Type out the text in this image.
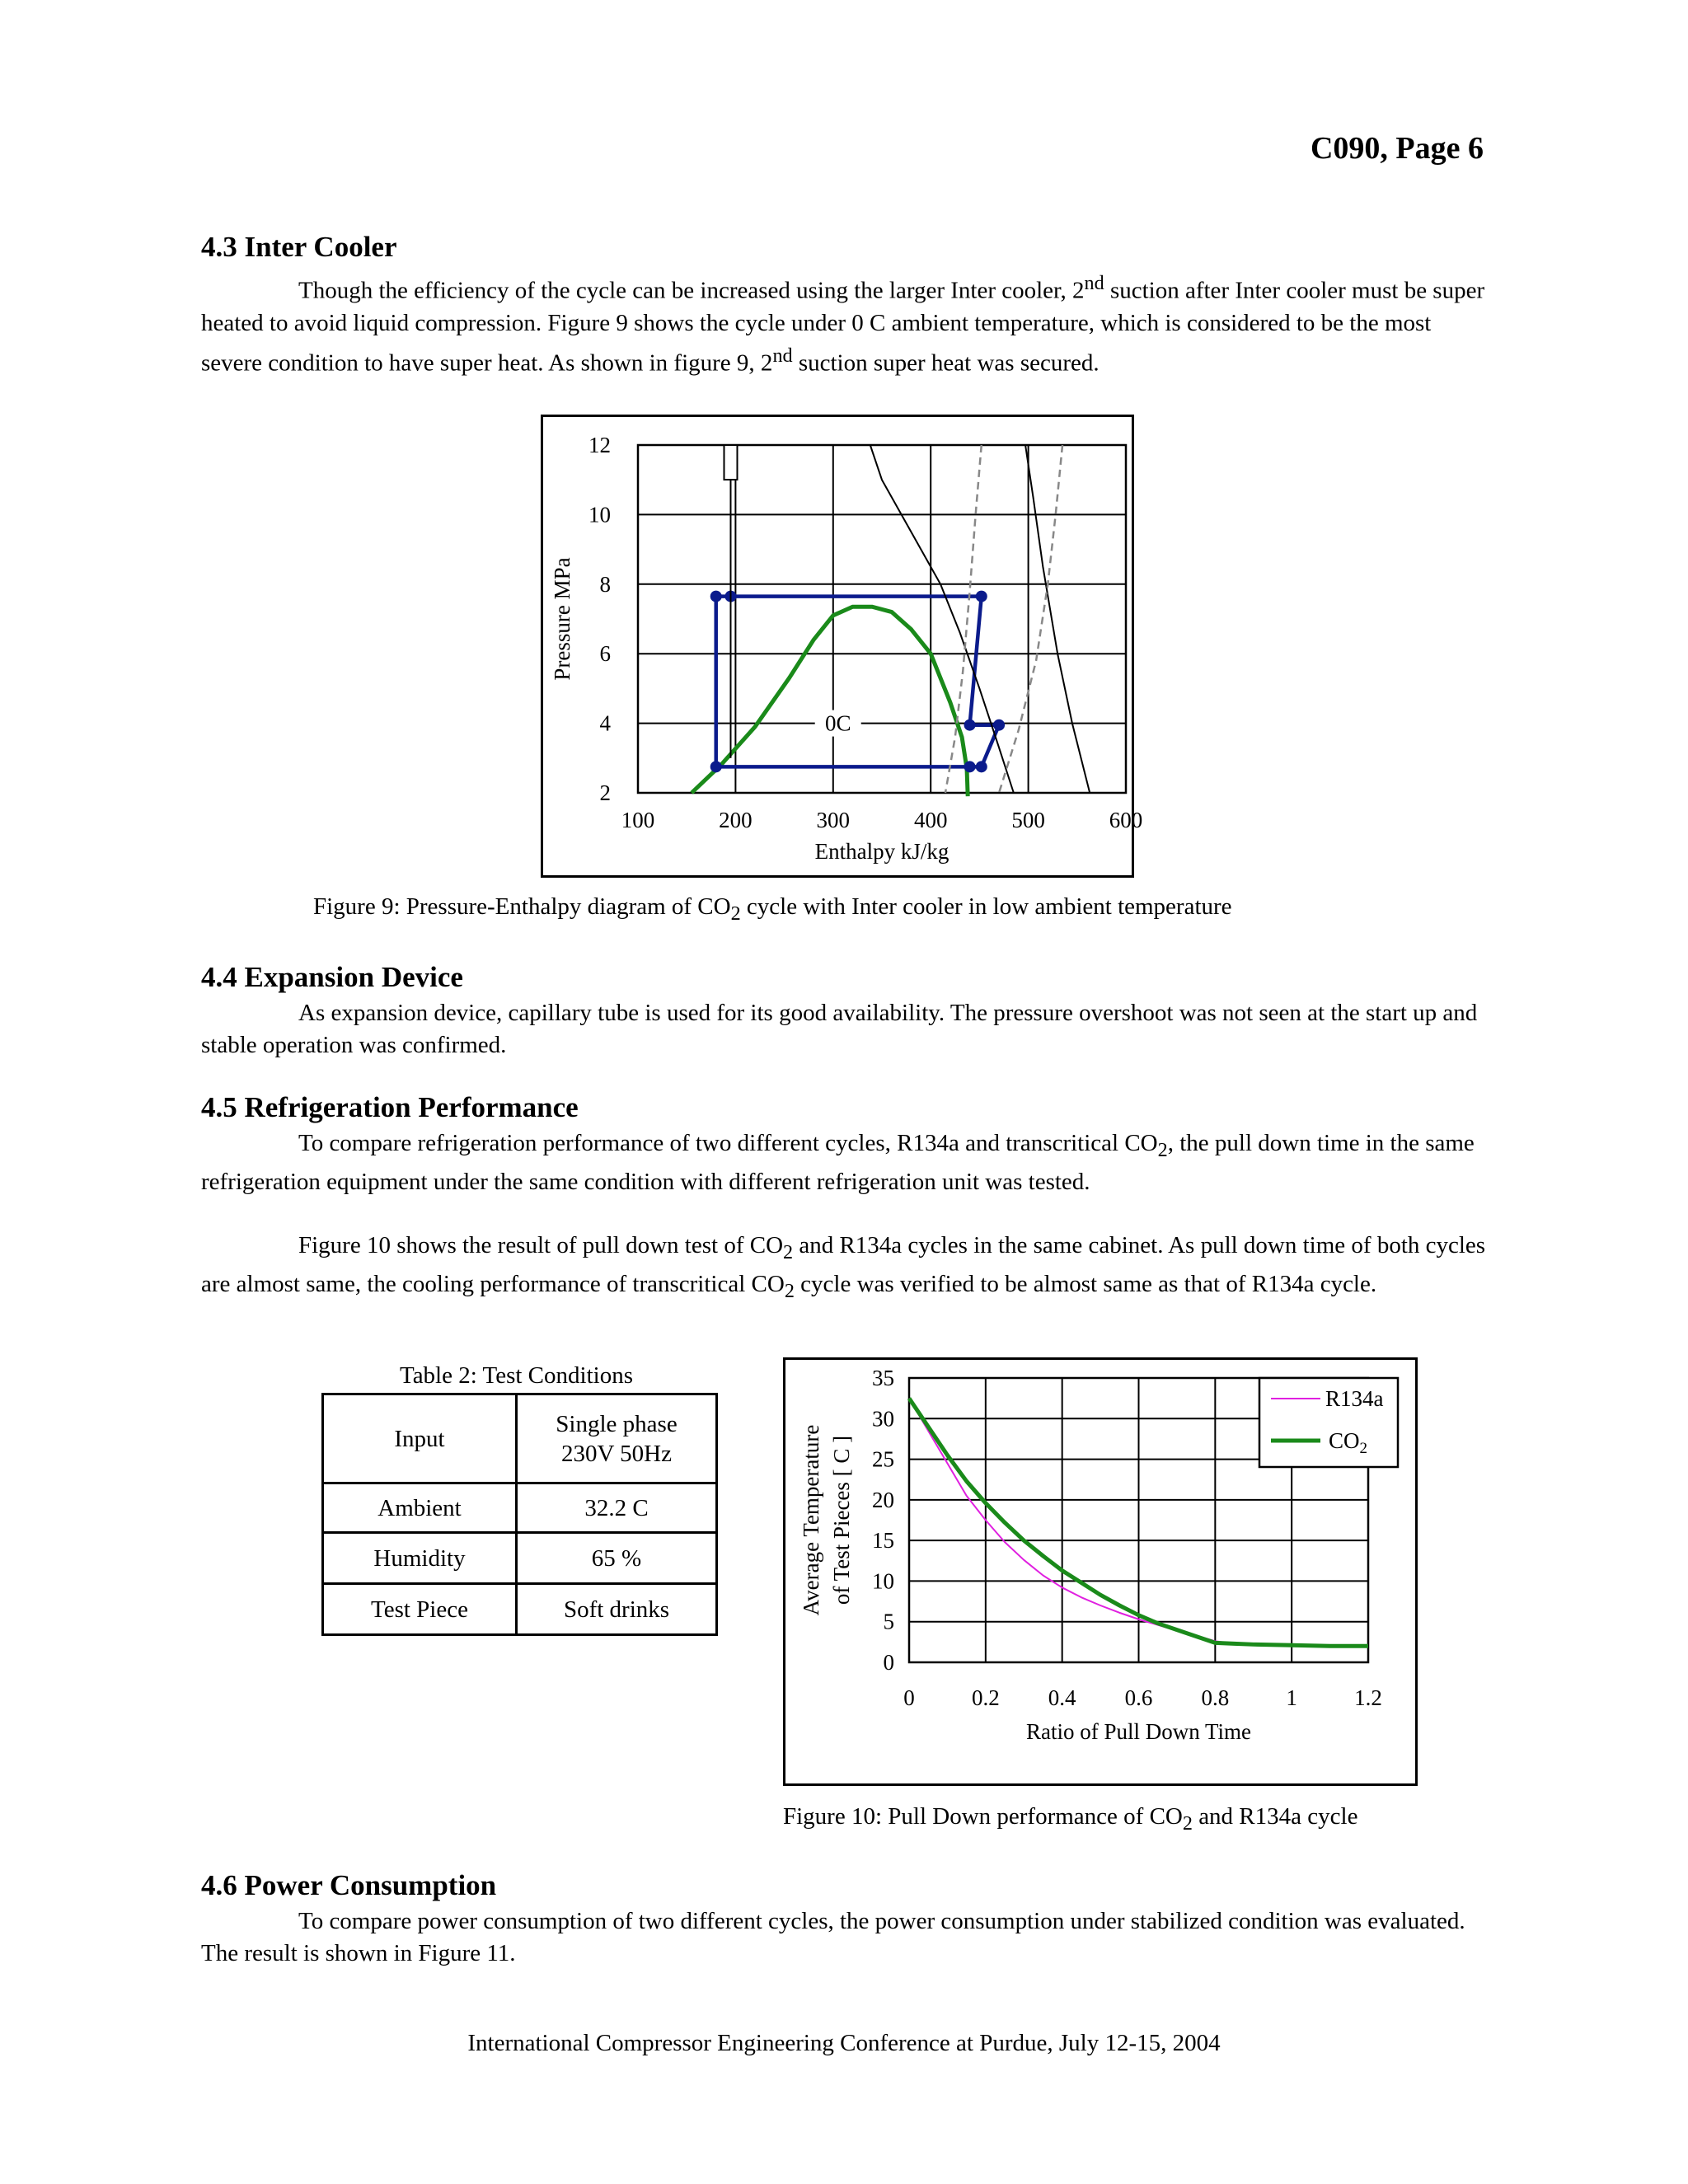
C090, Page 6
4.3 Inter Cooler

Though the efficiency of the cycle can be increased using the larger Inter cooler, 2nd suction after Inter cooler must be super heated to avoid liquid compression. Figure 9 shows the cycle under 0 C ambient temperature, which is considered to be the most severe condition to have super heat. As shown in figure 9, 2nd suction super heat was secured.

0C
100	200	300	400	500	600
2
4
6
8
10
12
Enthalpy kJ/kg
Pressure MPa
Figure 9: Pressure-Enthalpy diagram of $CO_2$ cycle with Inter cooler in low ambient temperature
4.4 Expansion Device

As expansion device, capillary tube is used for its good availability. The pressure overshoot was not seen at the start up and stable operation was confirmed.

4.5 Refrigeration Performance

To compare refrigeration performance of two different cycles, R134a and transcritical $CO_2$, the pull down time in the same refrigeration equipment under the same condition with different refrigeration unit was tested.

Figure 10 shows the result of pull down test of $CO_2$ and R134a cycles in the same cabinet. As pull down time of both cycles are almost same, the cooling performance of transcritical $CO_2$ cycle was verified to be almost same as that of R134a cycle.

Table 2: Test Conditions
Input	Single phase
230V 50Hz
Ambient	32.2 C
Humidity	65 %
Test Piece	Soft drinks
0	0.2 0.4 0.6 0.8	1	1.2
0
5
10
15
20
25
30
35
R134a
$CO_2$
Ratio of Pull Down Time
Average Temperature of Test Pieces [ C ]
Figure 10: Pull Down performance of $CO_2$ and R134a cycle
4.6 Power Consumption

To compare power consumption of two different cycles, the power consumption under stabilized condition was evaluated. The result is shown in Figure 11.

International Compressor Engineering Conference at Purdue, July 12-15, 2004
